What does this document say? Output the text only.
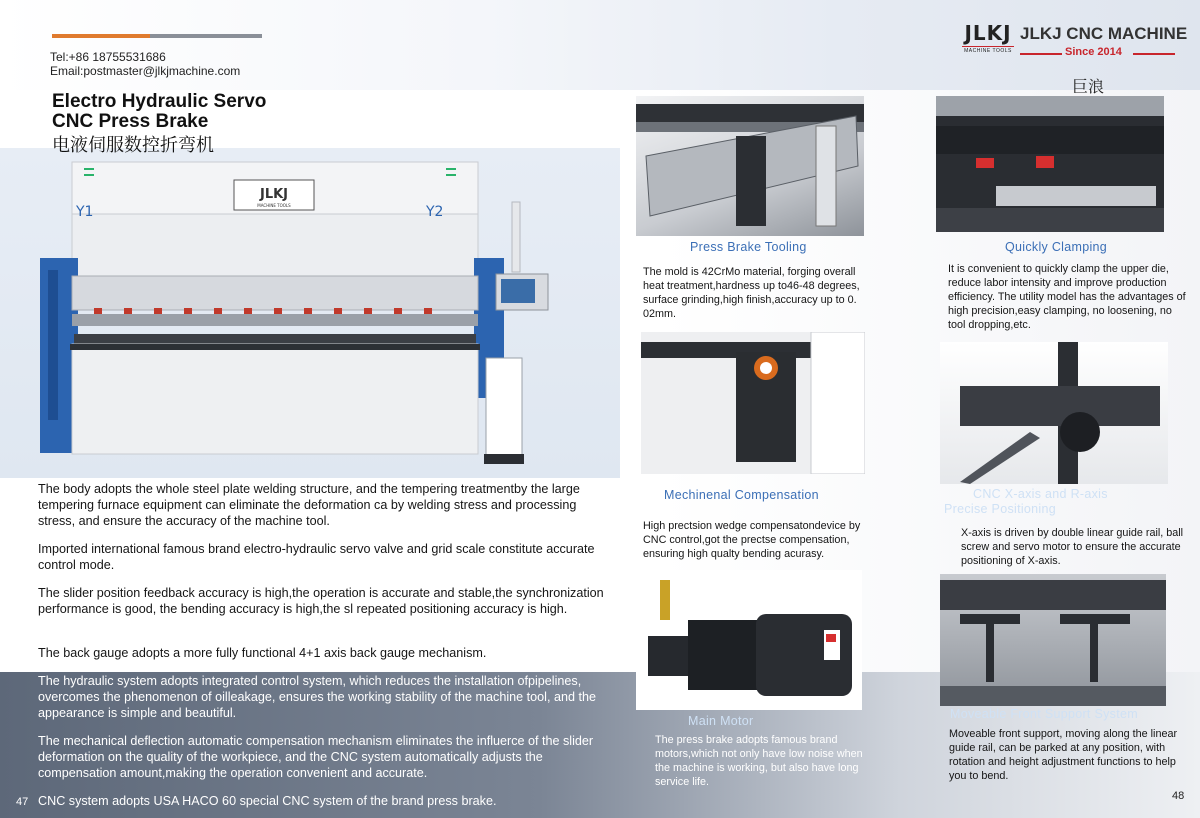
Tel:+86 18755531686
Email:postmaster@jlkjmachine.com
Electro Hydraulic Servo
CNC Press Brake
电液伺服数控折弯机
JLKJ
MACHINE TOOLS
JLKJ CNC MACHINE
Since 2014
巨浪
Y1	Y2
JLKJ
MACHINE TOOLS

The body adopts the whole steel plate welding structure, and the tempering treatmentby the large tempering furnace equipment can eliminate the deformation ca by welding stress and processing stress, and ensure the accuracy of the machine tool.

Imported international famous brand electro-hydraulic servo valve and grid scale constitute accurate control mode.

The slider position feedback accuracy is high,the operation is accurate and stable,the synchronization performance is good, the bending accuracy is high,the sl repeated positioning accuracy is high.

The back gauge adopts a more fully functional 4+1 axis back gauge mechanism.

The hydraulic system adopts integrated control system, which reduces the installation ofpipelines, overcomes the phenomenon of oilleakage, ensures the working stability of the machine tool, and the appearance is simple and beautiful.

The mechanical deflection automatic compensation mechanism eliminates the influerce of the slider deformation on the quality of the workpiece, and the CNC system automatically adjusts the compensation amount,making the operation convenient and accurate.

CNC system adopts USA HACO 60 special CNC system of the brand press brake.

47
Press Brake Tooling

The mold is 42CrMo material, forging overall heat treatment,hardness up to46-48 degrees, surface grinding,high finish,accuracy up to 0. 02mm.

Quickly Clamping

It is convenient to quickly clamp the upper die, reduce labor intensity and improve production efficiency. The utility model has the advantages of high precision,easy clamping, no loosening, no tool dropping,etc.

Mechinenal Compensation

High prectsion wedge compensatondevice by CNC control,got the prectse compensation, ensuring high qualty bending acurasy.

CNC X-axis and R-axis
Precise Positioning

X-axis is driven by double linear guide rail, ball screw and servo motor to ensure the accurate positioning of X-axis.

Main Motor

The press brake adopts famous brand motors,which not only have low noise when the machine is working, but also have long service life.

Moveable Front Support System

Moveable front support, moving along the linear guide rail, can be parked at any position, with rotation and height adjustment functions to help you to bend.

48
